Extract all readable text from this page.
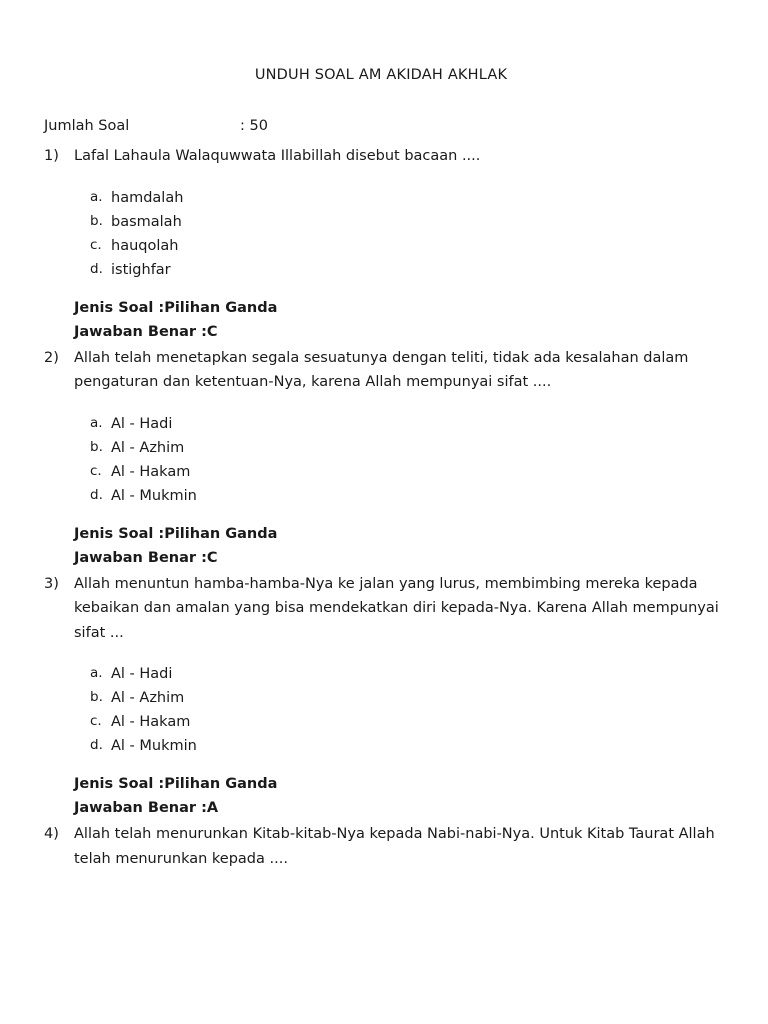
UNDUH SOAL AM AKIDAH AKHLAK
Jumlah Soal	: 50
1) Lafal Lahaula Walaquwwata Illabillah disebut bacaan ....
a. hamdalah
b. basmalah
c. hauqolah
d. istighfar
Jenis Soal :Pilihan Ganda
Jawaban Benar :C
2) Allah telah menetapkan segala sesuatunya dengan teliti, tidak ada kesalahan dalam pengaturan dan ketentuan-Nya, karena Allah mempunyai sifat ....
a. Al - Hadi
b. Al - Azhim
c. Al - Hakam
d. Al - Mukmin
Jenis Soal :Pilihan Ganda
Jawaban Benar :C
3) Allah menuntun hamba-hamba-Nya ke jalan yang lurus, membimbing mereka kepada kebaikan dan amalan yang bisa mendekatkan diri kepada-Nya. Karena Allah mempunyai sifat ...
a. Al - Hadi
b. Al - Azhim
c. Al - Hakam
d. Al - Mukmin
Jenis Soal :Pilihan Ganda
Jawaban Benar :A
4) Allah telah menurunkan Kitab-kitab-Nya kepada Nabi-nabi-Nya. Untuk Kitab Taurat Allah telah menurunkan kepada ....
